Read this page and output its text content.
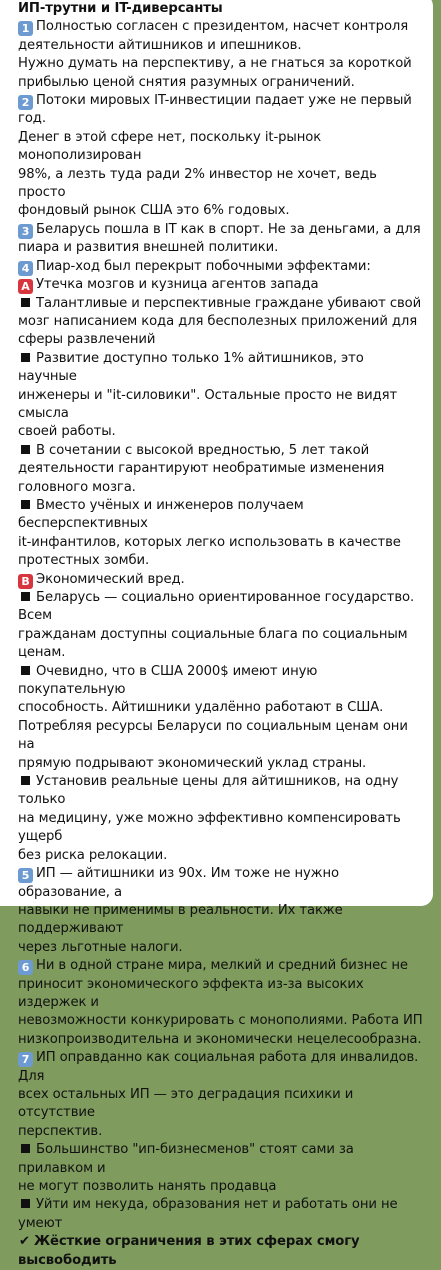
ИП-трутни и IT-диверсанты
1 Полностью согласен с президентом, насчет контроля
деятельности айтишников и ипешников.
Нужно думать на перспективу, а не гнаться за короткой
прибылью ценой снятия разумных ограничений.
2 Потоки мировых IT-инвестиции падает уже не первый год.
Денег в этой сфере нет, поскольку it-рынок монополизирован
98%, а лезть туда ради 2% инвестор не хочет, ведь просто
фондовый рынок США это 6% годовых.
3 Беларусь пошла в IT как в спорт. Не за деньгами, а для
пиара и развития внешней политики.
4 Пиар-ход был перекрыт побочными эффектами:
A Утечка мозгов и кузница агентов запада
Талантливые и перспективные граждане убивают свой
мозг написанием кода для бесполезных приложений для
сферы развлечений
Развитие доступно только 1% айтишников, это научные
инженеры и "it-силовики". Остальные просто не видят смысла
своей работы.
В сочетании с высокой вредностью, 5 лет такой
деятельности гарантируют необратимые изменения
головного мозга.
Вместо учёных и инженеров получаем бесперспективных
it-инфантилов, которых легко использовать в качестве
протестных зомби.
B Экономический вред.
Беларусь — социально ориентированное государство. Всем
гражданам доступны социальные блага по социальным
ценам.
Очевидно, что в США 2000$ имеют иную покупательную
способность. Айтишники удалённо работают в США.
Потребляя ресурсы Беларуси по социальным ценам они на
прямую подрывают экономический уклад страны.
Установив реальные цены для айтишников, на одну только
на медицину, уже можно эффективно компенсировать ущерб
без риска релокации.
5 ИП — айтишники из 90х. Им тоже не нужно образование, а
навыки не применимы в реальности. Их также поддерживают
через льготные налоги.
6 Ни в одной стране мира, мелкий и средний бизнес не
приносит экономического эффекта из-за высоких издержек и
невозможности конкурировать с монополиями. Работа ИП
низкопроизводительна и экономически нецелесообразна.
7 ИП оправданно как социальная работа для инвалидов. Для
всех остальных ИП — это деградация психики и отсутствие
перспектив.
Большинство "ип-бизнесменов" стоят сами за прилавком и
не могут позволить нанять продавца
Уйти им некуда, образования нет и работать они не умеют
✔ Жёсткие ограничения в этих сферах смогу высвободить
